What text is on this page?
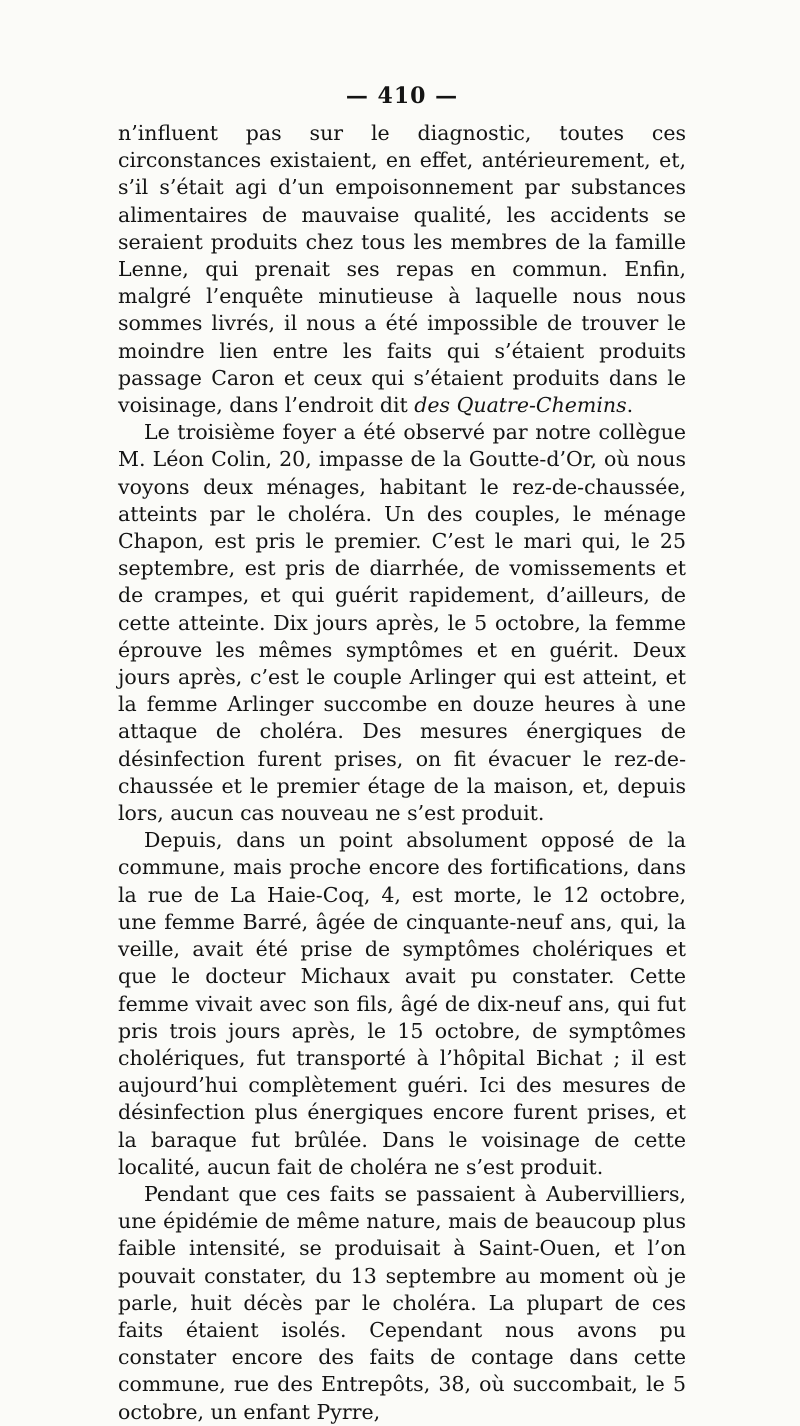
— 410 —

n’influent pas sur le diagnostic, toutes ces circonstances existaient, en effet, antérieurement, et, s’il s’était agi d’un empoisonnement par substances alimentaires de mauvaise qualité, les accidents se seraient produits chez tous les membres de la famille Lenne, qui prenait ses repas en commun. Enfin, malgré l’enquête minutieuse à laquelle nous nous sommes livrés, il nous a été impossible de trouver le moindre lien entre les faits qui s’étaient produits passage Caron et ceux qui s’étaient produits dans le voisinage, dans l’endroit dit des Quatre-Chemins.

Le troisième foyer a été observé par notre collègue M. Léon Colin, 20, impasse de la Goutte-d’Or, où nous voyons deux ménages, habitant le rez-de-chaussée, atteints par le choléra. Un des couples, le ménage Chapon, est pris le premier. C’est le mari qui, le 25 septembre, est pris de diarrhée, de vomissements et de crampes, et qui guérit rapidement, d’ailleurs, de cette atteinte. Dix jours après, le 5 octobre, la femme éprouve les mêmes symptômes et en guérit. Deux jours après, c’est le couple Arlinger qui est atteint, et la femme Arlinger succombe en douze heures à une attaque de choléra. Des mesures énergiques de désinfection furent prises, on fit évacuer le rez-de-chaussée et le premier étage de la maison, et, depuis lors, aucun cas nouveau ne s’est produit.

Depuis, dans un point absolument opposé de la commune, mais proche encore des fortifications, dans la rue de La Haie-Coq, 4, est morte, le 12 octobre, une femme Barré, âgée de cinquante-neuf ans, qui, la veille, avait été prise de symptômes cholériques et que le docteur Michaux avait pu constater. Cette femme vivait avec son fils, âgé de dix-neuf ans, qui fut pris trois jours après, le 15 octobre, de symptômes cholériques, fut transporté à l’hôpital Bichat ; il est aujourd’hui complètement guéri. Ici des mesures de désinfection plus énergiques encore furent prises, et la baraque fut brûlée. Dans le voisinage de cette localité, aucun fait de choléra ne s’est produit.

Pendant que ces faits se passaient à Aubervilliers, une épidémie de même nature, mais de beaucoup plus faible intensité, se produisait à Saint-Ouen, et l’on pouvait constater, du 13 septembre au moment où je parle, huit décès par le choléra. La plupart de ces faits étaient isolés. Cependant nous avons pu constater encore des faits de contage dans cette commune, rue des Entrepôts, 38, où succombait, le 5 octobre, un enfant Pyrre,
